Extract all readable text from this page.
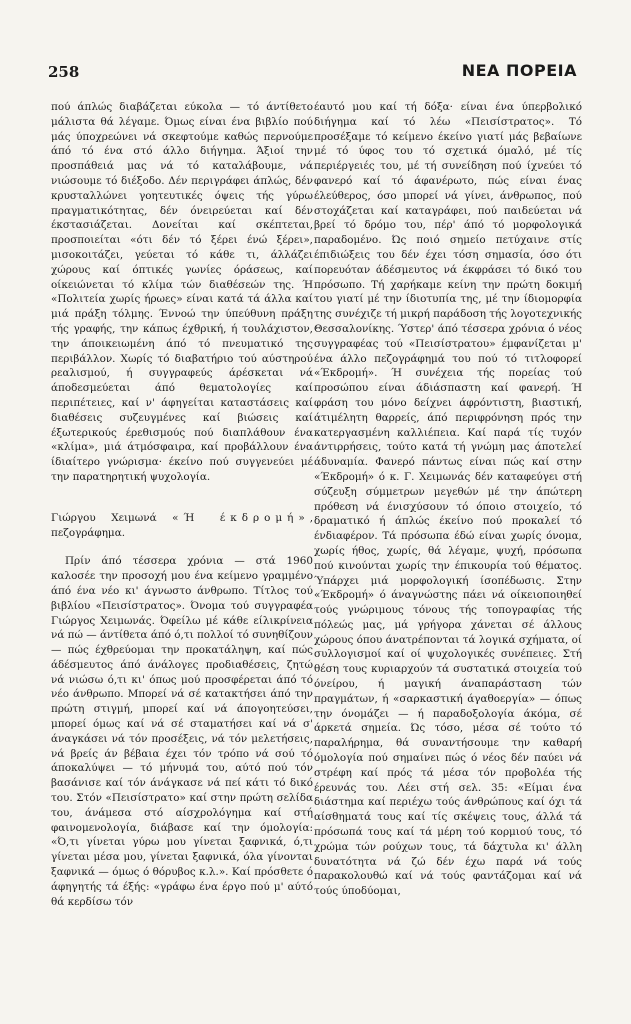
258	ΝΕΑ ΠΟΡΕΙΑ

πού άπλώς διαβάζεται εύκολα — τό άντίθετο μάλιστα θά λέγαμε. Όμως είναι ένα βιβλίο πού μάς ύποχρεώνει νά σκεφτούμε καθώς περνούμε άπό τό ένα στό άλλο διήγημα. Άξιοί την προσπάθειά μας νά τό καταλάβουμε, νά νιώσουμε τό διέξοδο. Δέν περιγράφει άπλώς, δέν κρυσταλλώνει γοητευτικές όψεις τής γύρω πραγματικότητας, δέν όνειρεύεται καί δέν έκστασιάζεται. Δονείται καί σκέπτεται, προσποιείται «ότι δέν τό ξέρει ένώ ξέρει», μισοκοιτάζει, γεύεται τό κάθε τι, άλλάζει χώρους καί όπτικές γωνίες όράσεως, καί οίκειώνεται τό κλίμα τών διαθέσεών της. Ή «Πολιτεία χωρίς ήρωες» είναι κατά τά άλλα καί μιά πράξη τόλμης. Έννοώ την ύπεύθυνη πράξη τής γραφής, την κάπως έχθρική, ή τουλάχιστον, την άποικειωμένη άπό τό πνευματικό της περιβάλλον. Χωρίς τό διαβατήριο τού αύστηρού ρεαλισμού, ή συγγραφεύς άρέσκεται νά άποδεσμεύεται άπό θεματολογίες καί περιπέτειες, καί ν' άφηγείται καταστάσεις καί διαθέσεις συζευγμένες καί βιώσεις καί έξωτερικούς έρεθισμούς πού διαπλάθουν ένα «κλίμα», μιά άτμόσφαιρα, καί προβάλλουν ένα ίδιαίτερο γνώρισμα· έκείνο πού συγγενεύει μέ την παρατηρητική ψυχολογία.

Γιώργου Χειμωνά «Ή έκδρομή», πεζογράφημα.

Πρίν άπό τέσσερα χρόνια — στά 1960 καλοσέε την προσοχή μου ένα κείμενο γραμμένο άπό ένα νέο κι' άγνωστο άνθρωπο. Τίτλος τού βιβλίου «Πεισίστρατος». Όνομα τού συγγραφέα Γιώργος Χειμωνάς. Όφείλω μέ κάθε είλικρίνεια νά πώ — άντίθετα άπό ό,τι πολλοί τό συνηθίζουν — πώς έχθρεύομαι την προκατάληψη, καί πώς άδέσμευτος άπό άνάλογες προδιαθέσεις, ζητώ νά νιώσω ό,τι κι' όπως μού προσφέρεται άπό τό νέο άνθρωπο. Μπορεί νά σέ κατακτήσει άπό την πρώτη στιγμή, μπορεί καί νά άπογοητεύσει, μπορεί όμως καί νά σέ σταματήσει καί νά σ' άναγκάσει νά τόν προσέξεις, νά τόν μελετήσεις, νά βρείς άν βέβαια έχει τόν τρόπο νά σού τό άποκαλύψει — τό μήνυμά του, αύτό πού τόν βασάνισε καί τόν άνάγκασε νά πεί κάτι τό δικό του. Στόν «Πεισίστρατο» καί στην πρώτη σελίδα του, άνάμεσα στό αίσχρολόγημα καί στή φαινομενολογία, διάβασε καί την όμολογία: «Ό,τι γίνεται γύρω μου γίνεται ξαφνικά, ό,τι γίνεται μέσα μου, γίνεται ξαφνικά, όλα γίνονται ξαφνικά — όμως ό θόρυβος κ.λ.». Καί πρόσθετε ό άφηγητής τά έξής: «γράφω ένα έργο πού μ' αύτό θά κερδίσω τόν

έαυτό μου καί τή δόξα· είναι ένα ύπερβολικό διήγημα καί τό λέω «Πεισίστρατος». Τό προσέξαμε τό κείμενο έκείνο γιατί μάς βεβαίωνε μέ τό ύφος του τό σχετικά όμαλό, μέ τίς περιέργειές του, μέ τή συνείδηση πού ίχνεύει τό φανερό καί τό άφανέρωτο, πώς είναι ένας έλεύθερος, όσο μπορεί νά γίνει, άνθρωπος, πού στοχάζεται καί καταγράφει, πού παιδεύεται νά βρεί τό δρόμο του, πέρ' άπό τό μορφολογικά παραδομένο. Ώς ποιό σημείο πετύχαινε στίς έπιδιώξεις του δέν έχει τόση σημασία, όσο ότι πορευόταν άδέσμευτος νά έκφράσει τό δικό του πρόσωπο. Τή χαρήκαμε κείνη την πρώτη δοκιμή του γιατί μέ την ίδιοτυπία της, μέ την ίδιομορφία της συνέχιζε τή μικρή παράδοση τής λογοτεχνικής Θεσσαλονίκης. Ύστερ' άπό τέσσερα χρόνια ό νέος συγγραφέας τού «Πεισίστρατου» έμφανίζεται μ' ένα άλλο πεζογράφημά του πού τό τιτλοφορεί «Έκδρομή». Ή συνέχεια τής πορείας τού προσώπου είναι άδιάσπαστη καί φανερή. Ή φράση του μόνο δείχνει άφρόντιστη, βιαστική, άτιμέλητη θαρρείς, άπό περιφρόνηση πρός την κατεργασμένη καλλιέπεια. Καί παρά τίς τυχόν άντιρρήσεις, τούτο κατά τή γνώμη μας άποτελεί άδυναμία. Φανερό πάντως είναι πώς καί στην «Έκδρομή» ό κ. Γ. Χειμωνάς δέν καταφεύγει στή σύζευξη σύμμετρων μεγεθών μέ την άπώτερη πρόθεση νά ένισχύσουν τό όποιο στοιχείο, τό δραματικό ή άπλώς έκείνο πού προκαλεί τό ένδιαφέρον. Τά πρόσωπα έδώ είναι χωρίς όνομα, χωρίς ήθος, χωρίς, θά λέγαμε, ψυχή, πρόσωπα πού κινούνται χωρίς την έπικουρία τού θέματος. Ύπάρχει μιά μορφολογική ίσοπέδωσις. Στην «Έκδρομή» ό άναγνώστης πάει νά οίκειοποιηθεί τούς γνώριμους τόνους τής τοπογραφίας τής πόλεώς μας, μά γρήγορα χάνεται σέ άλλους χώρους όπου άνατρέπονται τά λογικά σχήματα, οί συλλογισμοί καί οί ψυχολογικές συνέπειες. Στή θέση τους κυριαρχούν τά συστατικά στοιχεία τού όνείρου, ή μαγική άναπαράσταση τών πραγμάτων, ή «σαρκαστική άγαθοεργία» — όπως την όνομάζει — ή παραδοξολογία άκόμα, σέ άρκετά σημεία. Ώς τόσο, μέσα σέ τούτο τό παραλήρημα, θά συναντήσουμε την καθαρή όμολογία πού σημαίνει πώς ό νέος δέν παύει νά στρέφη καί πρός τά μέσα τόν προβολέα τής έρευνάς του. Λέει στή σελ. 35: «Είμαι ένα διάστημα καί περιέχω τούς άνθρώπους καί όχι τά αίσθηματά τους καί τίς σκέψεις τους, άλλά τά πρόσωπά τους καί τά μέρη τού κορμιού τους, τό χρώμα τών ρούχων τους, τά δάχτυλα κι' άλλη δυνατότητα νά ζώ δέν έχω παρά νά τούς παρακολουθώ καί νά τούς φαντάζομαι καί νά τούς ύποδύομαι,
